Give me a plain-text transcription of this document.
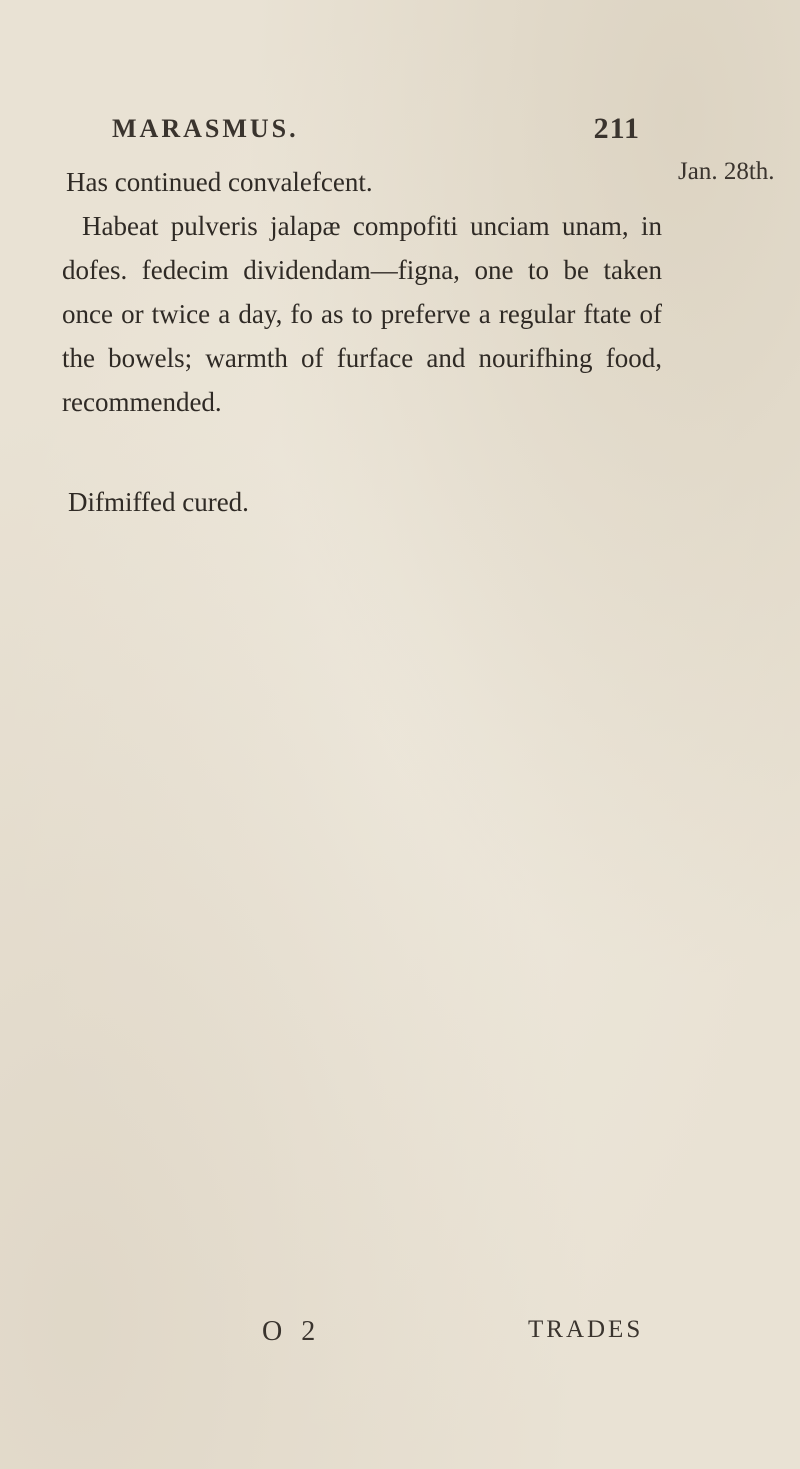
MARASMUS.	211
Jan. 28th.

Has continued convalefcent.

Habeat pulveris jalapæ compofiti unciam unam, in dofes. fedecim dividendam—figna, one to be taken once or twice a day, fo as to preferve a regular ftate of the bowels; warmth of furface and nourifhing food, recommended.

Difmiffed cured.

O 2	TRADES
